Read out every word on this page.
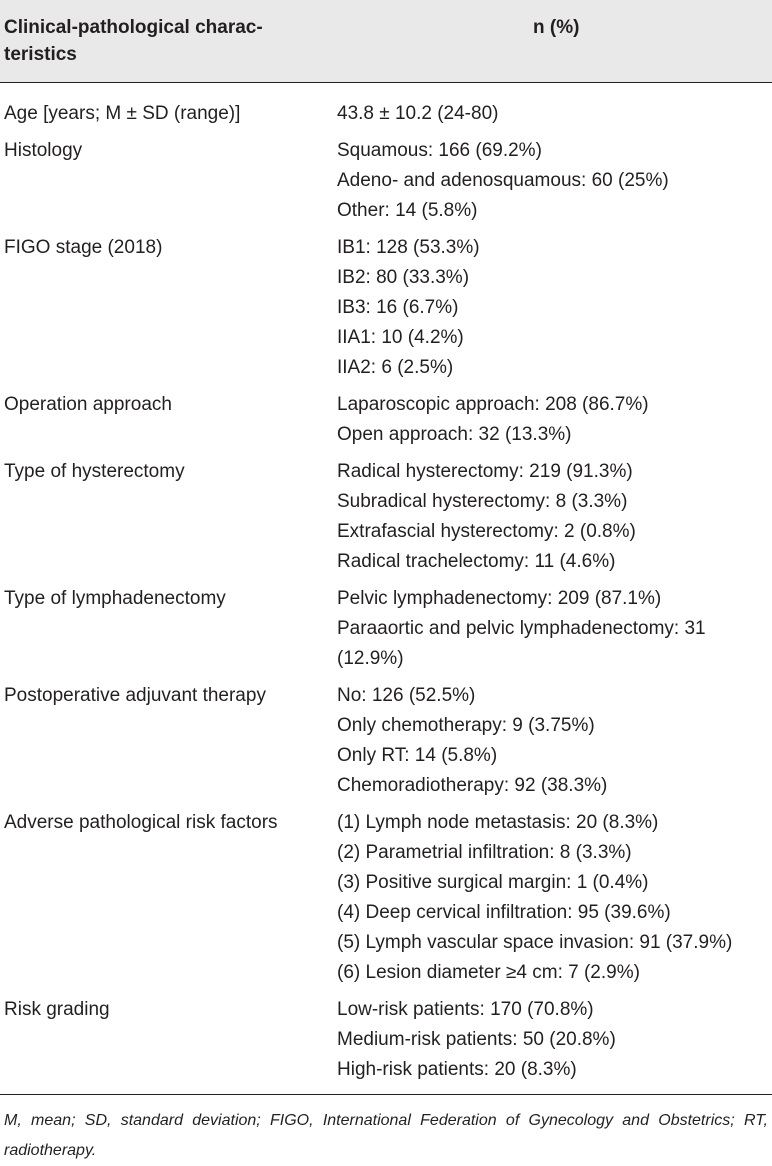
Clinical-pathological charac-
teristics
n (%)
Age [years; M ± SD (range)]	43.8 ± 10.2 (24-80)
Histology	Squamous: 166 (69.2%)
Adeno- and adenosquamous: 60 (25%)
Other: 14 (5.8%)
FIGO stage (2018)	IB1: 128 (53.3%)
IB2: 80 (33.3%)
IB3: 16 (6.7%)
IIA1: 10 (4.2%)
IIA2: 6 (2.5%)
Operation approach	Laparoscopic approach: 208 (86.7%)
Open approach: 32 (13.3%)
Type of hysterectomy	Radical hysterectomy: 219 (91.3%)
Subradical hysterectomy: 8 (3.3%)
Extrafascial hysterectomy: 2 (0.8%)
Radical trachelectomy: 11 (4.6%)
Type of lymphadenectomy	Pelvic lymphadenectomy: 209 (87.1%)
Paraaortic and pelvic lymphadenectomy: 31 (12.9%)
Postoperative adjuvant therapy	No: 126 (52.5%)
Only chemotherapy: 9 (3.75%)
Only RT: 14 (5.8%)
Chemoradiotherapy: 92 (38.3%)
Adverse pathological risk factors	(1) Lymph node metastasis: 20 (8.3%)
(2) Parametrial infiltration: 8 (3.3%)
(3) Positive surgical margin: 1 (0.4%)
(4) Deep cervical infiltration: 95 (39.6%)
(5) Lymph vascular space invasion: 91 (37.9%)
(6) Lesion diameter ≥4 cm: 7 (2.9%)
Risk grading	Low-risk patients: 170 (70.8%)
Medium-risk patients: 50 (20.8%)
High-risk patients: 20 (8.3%)
M, mean; SD, standard deviation; FIGO, International Federation of Gynecology and Obstetrics; RT, radiotherapy.
